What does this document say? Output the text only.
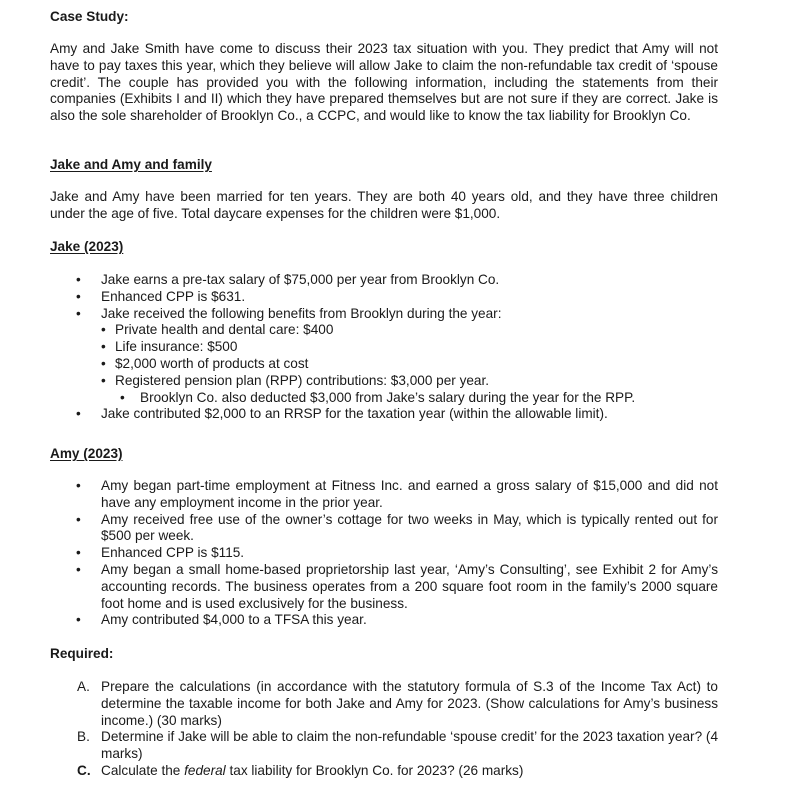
Case Study:

Amy and Jake Smith have come to discuss their 2023 tax situation with you. They predict that Amy will not have to pay taxes this year, which they believe will allow Jake to claim the non-refundable tax credit of ‘spouse credit’. The couple has provided you with the following information, including the statements from their companies (Exhibits I and II) which they have prepared themselves but are not sure if they are correct. Jake is also the sole shareholder of Brooklyn Co., a CCPC, and would like to know the tax liability for Brooklyn Co.

Jake and Amy and family

Jake and Amy have been married for ten years. They are both 40 years old, and they have three children under the age of five. Total daycare expenses for the children were $1,000.

Jake (2023)
• Jake earns a pre-tax salary of $75,000 per year from Brooklyn Co.
• Enhanced CPP is $631.
• Jake received the following benefits from Brooklyn during the year:
• Private health and dental care: $400
• Life insurance: $500
• $2,000 worth of products at cost
• Registered pension plan (RPP) contributions: $3,000 per year.
• Brooklyn Co. also deducted $3,000 from Jake’s salary during the year for the RPP.
• Jake contributed $2,000 to an RRSP for the taxation year (within the allowable limit).
Amy (2023)
• Amy began part-time employment at Fitness Inc. and earned a gross salary of $15,000 and did not have any employment income in the prior year.
• Amy received free use of the owner’s cottage for two weeks in May, which is typically rented out for $500 per week.
• Enhanced CPP is $115.
• Amy began a small home-based proprietorship last year, ‘Amy’s Consulting’, see Exhibit 2 for Amy’s accounting records. The business operates from a 200 square foot room in the family’s 2000 square foot home and is used exclusively for the business.
• Amy contributed $4,000 to a TFSA this year.
Required:
A. Prepare the calculations (in accordance with the statutory formula of S.3 of the Income Tax Act) to determine the taxable income for both Jake and Amy for 2023. (Show calculations for Amy’s business income.) (30 marks)
B. Determine if Jake will be able to claim the non-refundable ‘spouse credit’ for the 2023 taxation year? (4 marks)
C. Calculate the federal tax liability for Brooklyn Co. for 2023? (26 marks)
